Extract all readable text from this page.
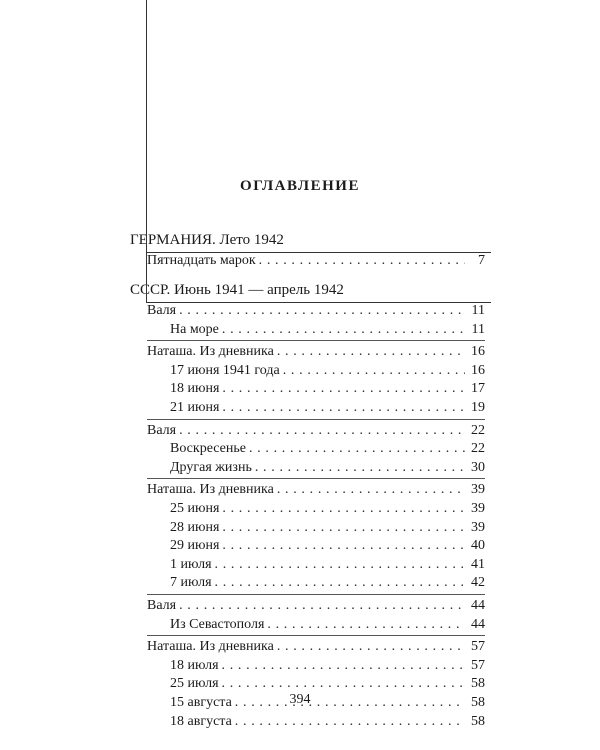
ОГЛАВЛЕНИЕ
ГЕРМАНИЯ. Лето 1942
СССР. Июнь 1941 — апрель 1942
Пятнадцать марок . . .	7
Валя . . .	11
На море . . .	11
Наташа. Из дневника . . .	16
17 июня 1941 года . . .	16
18 июня . . .	17
21 июня . . .	19
Валя . . .	22
Воскресенье . . .	22
Другая жизнь . . .	30
Наташа. Из дневника . . .	39
25 июня . . .	39
28 июня . . .	39
29 июня . . .	40
1 июля . . .	41
7 июля . . .	42
Валя . . .	44
Из Севастополя . . .	44
Наташа. Из дневника . . .	57
18 июля . . .	57
25 июля . . .	58
15 августа . . .	58
18 августа . . .	58
394
